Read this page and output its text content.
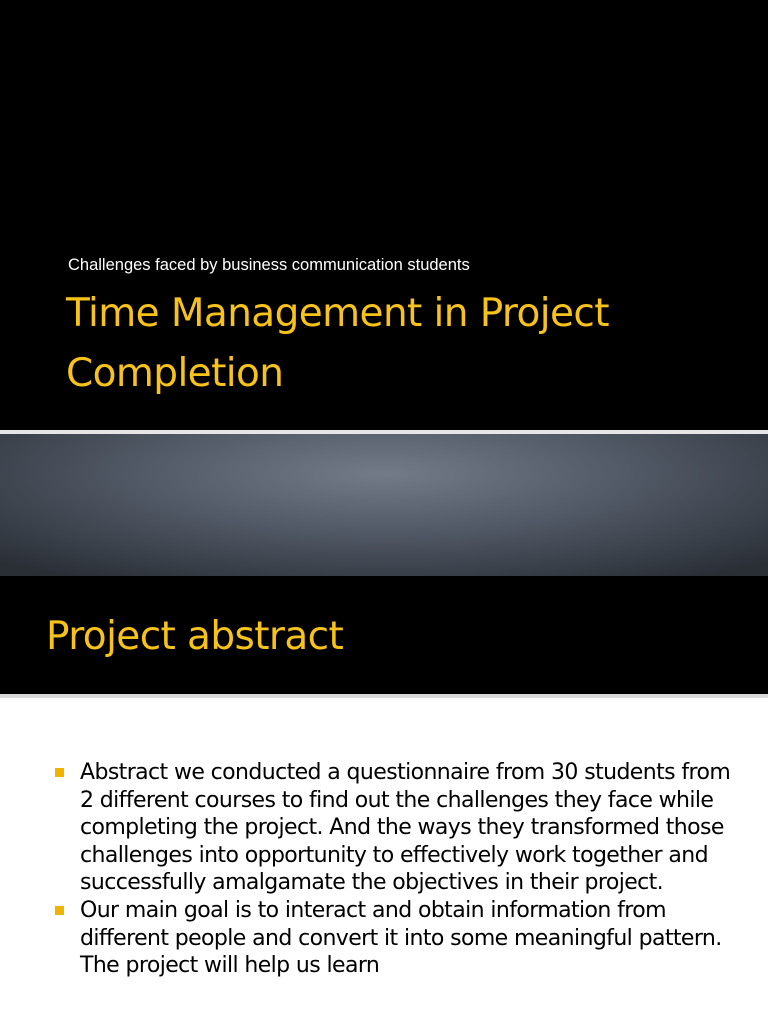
Challenges faced by business communication students
Time Management in Project Completion
Project abstract
Abstract we conducted a questionnaire from 30 students from 2 different courses to find out the challenges they face while completing the project. And the ways they transformed those challenges into opportunity to effectively work together and successfully amalgamate the objectives in their project.
Our main goal is to interact and obtain information from different people and convert it into some meaningful pattern. The project will help us learn
